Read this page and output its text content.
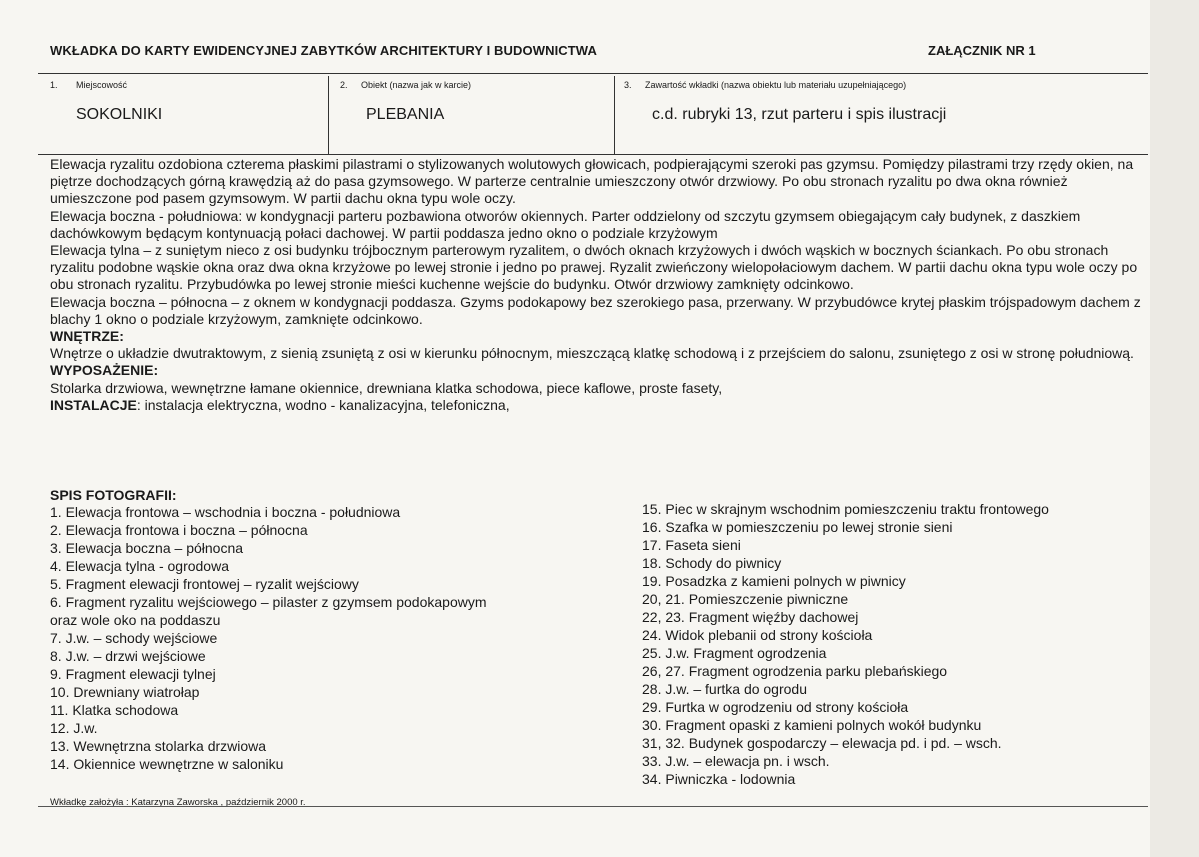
WKŁADKA DO KARTY EWIDENCYJNEJ ZABYTKÓW ARCHITEKTURY I BUDOWNICTWA	ZAŁĄCZNIK NR 1
1. Miejscowość
SOKOLNIKI
2. Obiekt (nazwa jak w karcie)
PLEBANIA
3. Zawartość wkładki (nazwa obiektu lub materiału uzupełniającego)
c.d. rubryki 13, rzut parteru i spis ilustracji

Elewacja ryzalitu ozdobiona czterema płaskimi pilastrami o stylizowanych wolutowych głowicach, podpierającymi szeroki pas gzymsu. Pomiędzy pilastrami trzy rzędy okien, na piętrze dochodzących górną krawędzią aż do pasa gzymsowego. W parterze centralnie umieszczony otwór drzwiowy. Po obu stronach ryzalitu po dwa okna również umieszczone pod pasem gzymsowym. W partii dachu okna typu wole oczy.

Elewacja boczna - południowa: w kondygnacji parteru pozbawiona otworów okiennych. Parter oddzielony od szczytu gzymsem obiegającym cały budynek, z daszkiem dachówkowym będącym kontynuacją połaci dachowej. W partii poddasza jedno okno o podziale krzyżowym

Elewacja tylna – z suniętym nieco z osi budynku trójbocznym parterowym ryzalitem, o dwóch oknach krzyżowych i dwóch wąskich w bocznych ściankach. Po obu stronach ryzalitu podobne wąskie okna oraz dwa okna krzyżowe po lewej stronie i jedno po prawej. Ryzalit zwieńczony wielopołaciowym dachem. W partii dachu okna typu wole oczy po obu stronach ryzalitu. Przybudówka po lewej stronie mieści kuchenne wejście do budynku. Otwór drzwiowy zamknięty odcinkowo.

Elewacja boczna – północna – z oknem w kondygnacji poddasza. Gzyms podokapowy bez szerokiego pasa, przerwany. W przybudówce krytej płaskim trójspadowym dachem z blachy 1 okno o podziale krzyżowym, zamknięte odcinkowo.

WNĘTRZE:

Wnętrze o układzie dwutraktowym, z sienią zsuniętą z osi w kierunku północnym, mieszczącą klatkę schodową i z przejściem do salonu, zsuniętego z osi w stronę południową.

WYPOSAŻENIE:

Stolarka drzwiowa, wewnętrzne łamane okiennice, drewniana klatka schodowa, piece kaflowe, proste fasety,

INSTALACJE: instalacja elektryczna, wodno - kanalizacyjna, telefoniczna,

SPIS FOTOGRAFII:
1. Elewacja frontowa – wschodnia i boczna - południowa
2. Elewacja frontowa i boczna – północna
3. Elewacja boczna – północna
4. Elewacja tylna - ogrodowa
5. Fragment elewacji frontowej – ryzalit wejściowy
6. Fragment ryzalitu wejściowego – pilaster z gzymsem podokapowym
oraz wole oko na poddaszu
7. J.w. – schody wejściowe
8. J.w. – drzwi wejściowe
9. Fragment elewacji tylnej
10. Drewniany wiatrołap
11. Klatka schodowa
12. J.w.
13. Wewnętrzna stolarka drzwiowa
14. Okiennice wewnętrzne w saloniku
15. Piec w skrajnym wschodnim pomieszczeniu traktu frontowego
16. Szafka w pomieszczeniu po lewej stronie sieni
17. Faseta sieni
18. Schody do piwnicy
19. Posadzka z kamieni polnych w piwnicy
20, 21. Pomieszczenie piwniczne
22, 23. Fragment więźby dachowej
24. Widok plebanii od strony kościoła
25. J.w. Fragment ogrodzenia
26, 27. Fragment ogrodzenia parku plebańskiego
28. J.w. – furtka do ogrodu
29. Furtka w ogrodzeniu od strony kościoła
30. Fragment opaski z kamieni polnych wokół budynku
31, 32. Budynek gospodarczy – elewacja pd. i pd. – wsch.
33. J.w. – elewacja pn. i wsch.
34. Piwniczka - lodownia
Wkładkę założyła : Katarzyna Zaworska , październik 2000 r.
